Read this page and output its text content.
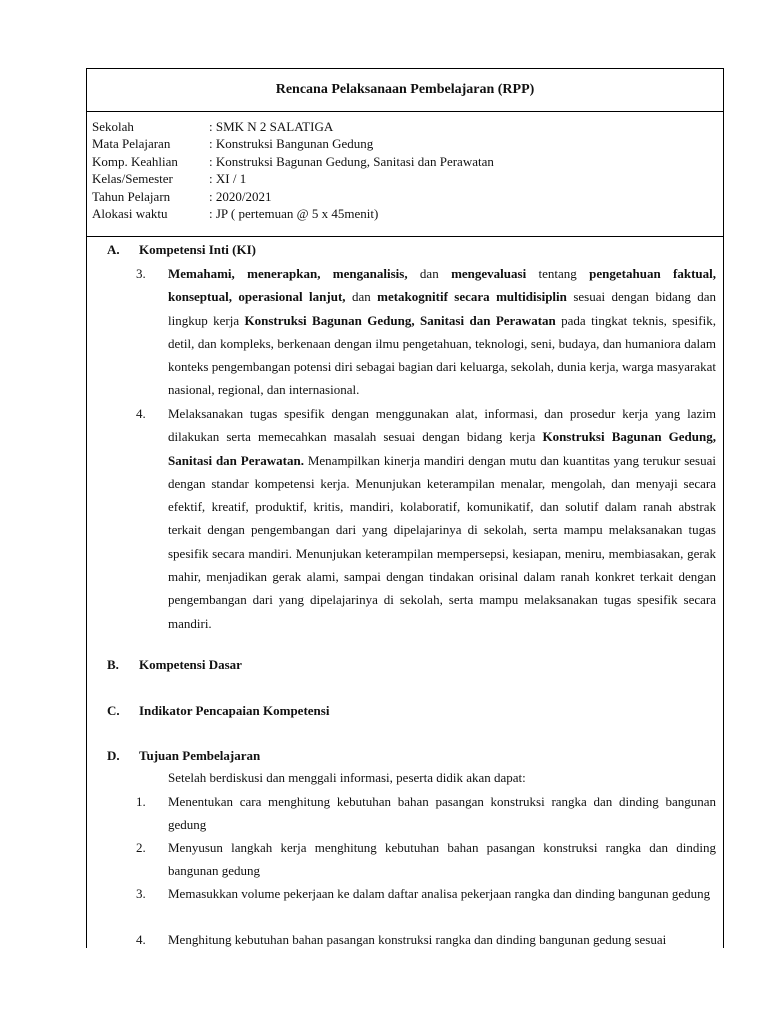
Rencana Pelaksanaan Pembelajaran (RPP)
Sekolah	: SMK N 2 SALATIGA
Mata Pelajaran	: Konstruksi Bangunan Gedung
Komp. Keahlian	: Konstruksi Bagunan Gedung, Sanitasi dan Perawatan
Kelas/Semester	: XI / 1
Tahun Pelajarn	: 2020/2021
Alokasi waktu	: JP ( pertemuan @ 5 x 45menit)
A.	Kompetensi Inti (KI)
3.	Memahami, menerapkan, menganalisis, dan mengevaluasi tentang pengetahuan faktual, konseptual, operasional lanjut, dan metakognitif secara multidisiplin sesuai dengan bidang dan lingkup kerja Konstruksi Bagunan Gedung, Sanitasi dan Perawatan pada tingkat teknis, spesifik, detil, dan kompleks, berkenaan dengan ilmu pengetahuan, teknologi, seni, budaya, dan humaniora dalam konteks pengembangan potensi diri sebagai bagian dari keluarga, sekolah, dunia kerja, warga masyarakat nasional, regional, dan internasional.
4.	Melaksanakan tugas spesifik dengan menggunakan alat, informasi, dan prosedur kerja yang lazim dilakukan serta memecahkan masalah sesuai dengan bidang kerja Konstruksi Bagunan Gedung, Sanitasi dan Perawatan. Menampilkan kinerja mandiri dengan mutu dan kuantitas yang terukur sesuai dengan standar kompetensi kerja. Menunjukan keterampilan menalar, mengolah, dan menyaji secara efektif, kreatif, produktif, kritis, mandiri, kolaboratif, komunikatif, dan solutif dalam ranah abstrak terkait dengan pengembangan dari yang dipelajarinya di sekolah, serta mampu melaksanakan tugas spesifik secara mandiri. Menunjukan keterampilan mempersepsi, kesiapan, meniru, membiasakan, gerak mahir, menjadikan gerak alami, sampai dengan tindakan orisinal dalam ranah konkret terkait dengan pengembangan dari yang dipelajarinya di sekolah, serta mampu melaksanakan tugas spesifik secara mandiri.
B.	Kompetensi Dasar
C.	Indikator Pencapaian Kompetensi
D.	Tujuan Pembelajaran
Setelah berdiskusi dan menggali informasi, peserta didik akan dapat:
1.	Menentukan cara menghitung kebutuhan bahan pasangan konstruksi rangka dan dinding bangunan gedung
2.	Menyusun langkah kerja menghitung kebutuhan bahan pasangan konstruksi rangka dan dinding bangunan gedung
3.	Memasukkan volume pekerjaan ke dalam daftar analisa pekerjaan rangka dan dinding bangunan gedung
4.	Menghitung kebutuhan bahan pasangan konstruksi rangka dan dinding bangunan gedung sesuai
